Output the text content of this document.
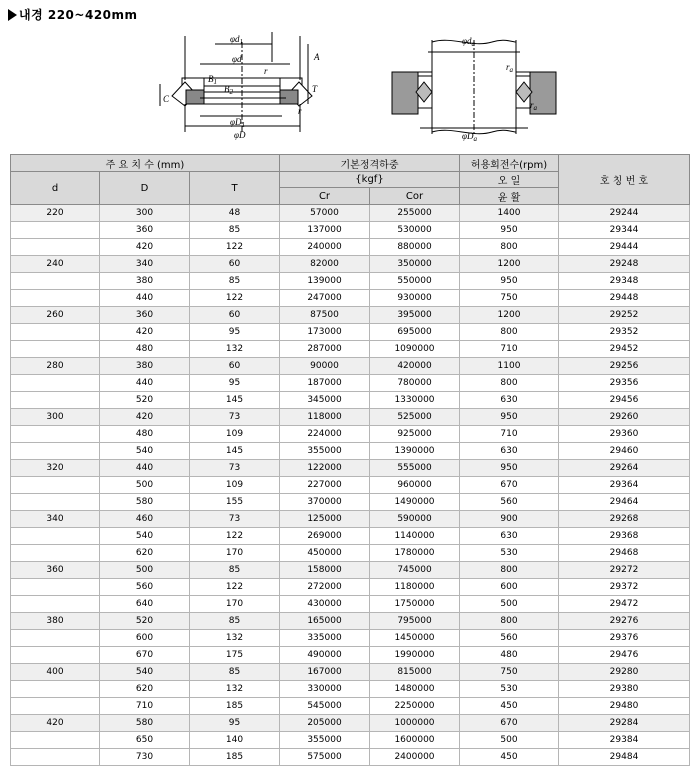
내경 220~420mm
$\varphi d_1$
φd	A
$B_1$
$B_2$
r
C
T
$\varphi D_1$
φD
r
$\varphi d_a$
$r_a$
$r_a$
$\varphi D_a$
주 요 치 수 (mm)			기본정격하중		허용회전수(rpm)	호 칭 번 호
d	D	T	{kgf}		오 일	
			Cr	Cor	윤 활	
220	300	48	57000	255000	1400	29244
	360	85	137000	530000	950	29344
	420	122	240000	880000	800	29444
240	340	60	82000	350000	1200	29248
	380	85	139000	550000	950	29348
	440	122	247000	930000	750	29448
260	360	60	87500	395000	1200	29252
	420	95	173000	695000	800	29352
	480	132	287000	1090000	710	29452
280	380	60	90000	420000	1100	29256
	440	95	187000	780000	800	29356
	520	145	345000	1330000	630	29456
300	420	73	118000	525000	950	29260
	480	109	224000	925000	710	29360
	540	145	355000	1390000	630	29460
320	440	73	122000	555000	950	29264
	500	109	227000	960000	670	29364
	580	155	370000	1490000	560	29464
340	460	73	125000	590000	900	29268
	540	122	269000	1140000	630	29368
	620	170	450000	1780000	530	29468
360	500	85	158000	745000	800	29272
	560	122	272000	1180000	600	29372
	640	170	430000	1750000	500	29472
380	520	85	165000	795000	800	29276
	600	132	335000	1450000	560	29376
	670	175	490000	1990000	480	29476
400	540	85	167000	815000	750	29280
	620	132	330000	1480000	530	29380
	710	185	545000	2250000	450	29480
420	580	95	205000	1000000	670	29284
	650	140	355000	1600000	500	29384
	730	185	575000	2400000	450	29484
